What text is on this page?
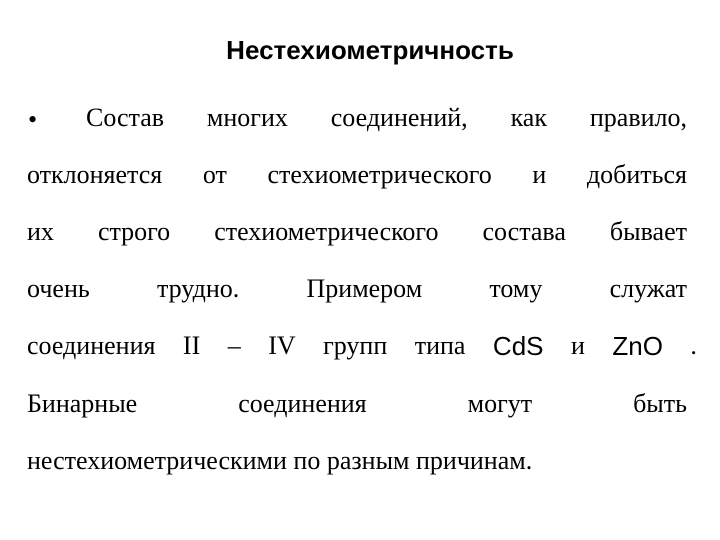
Нестехиометричность
• Состав многих соединений, как правило,
отклоняется от стехиометрического и добиться
их строго стехиометрического состава бывает
очень	трудно.	Примером	тому	служат
соединения II – IV групп типа CdS и ZnO .
Бинарные	соединения	могут	быть
нестехиометрическими по разным причинам.
